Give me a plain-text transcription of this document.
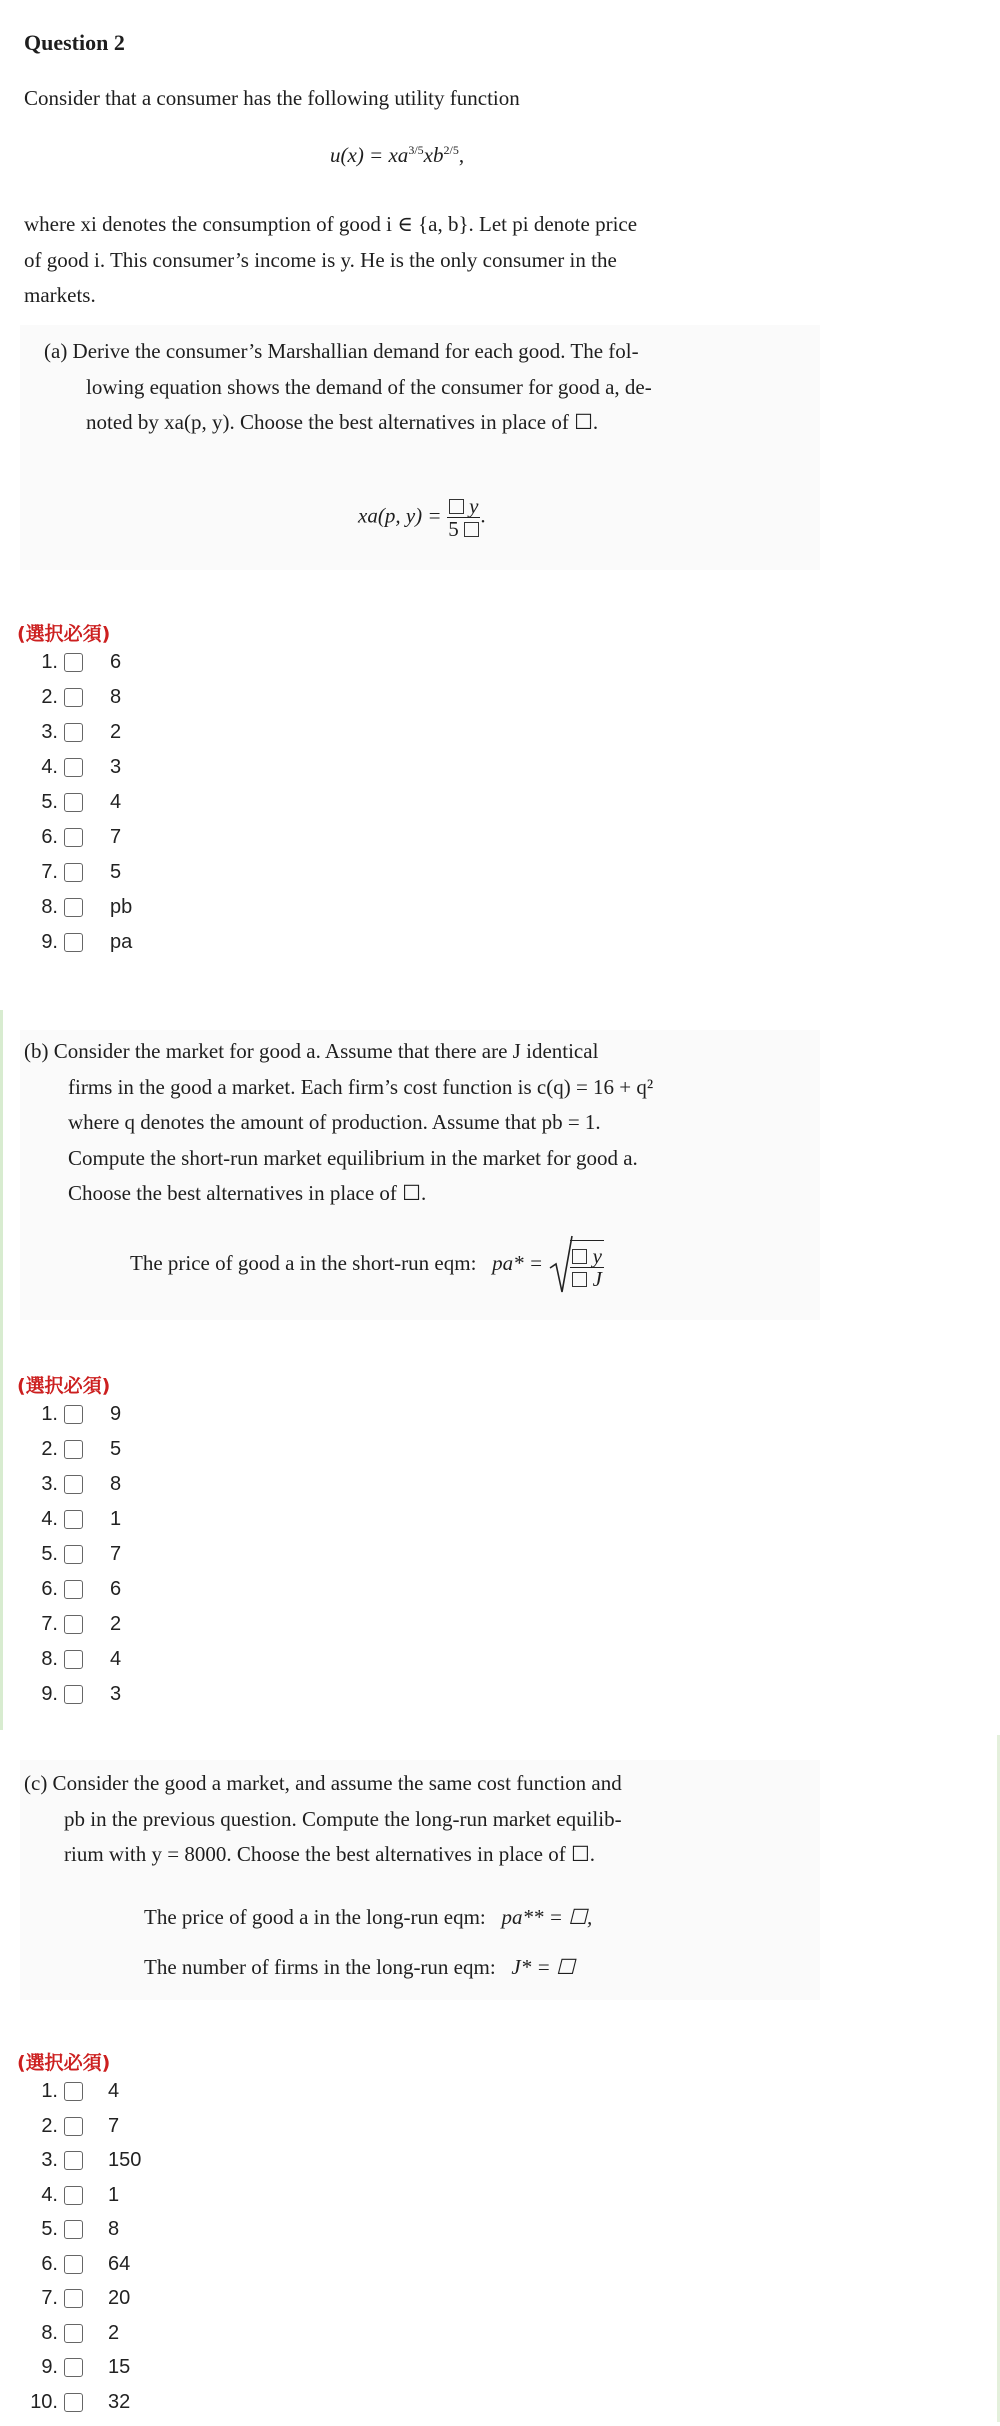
Question 2
Consider that a consumer has the following utility function
$u(x) = xa^{3/5}xb^{2/5}$,
where xi denotes the consumption of good i ∈ {a, b}. Let pi denote price
of good i. This consumer’s income is y. He is the only consumer in the
markets.
(a) Derive the consumer’s Marshallian demand for each good. The fol-
lowing equation shows the demand of the consumer for good a, de-
noted by xa(p, y). Choose the best alternatives in place of ☐.
xa(p, $y) = \frac{y}{5}$ .
(選択必須)
1.	6
2.	8
3.	2
4.	3
5.	4
6.	7
7.	5
8.	pb
9.	pa
(b) Consider the market for good a. Assume that there are J identical
firms in the good a market. Each firm’s cost function is c(q) = 16 + q²
where q denotes the amount of production. Assume that pb = 1.
Compute the short-run market equilibrium in the market for good a.
Choose the best alternatives in place of ☐.
The price of good a in the short-run eqm: $pa* = \frac{y}{J}$
(選択必須)
1.	9
2.	5
3.	8
4.	1
5.	7
6.	6
7.	2
8.	4
9.	3
(c) Consider the good a market, and assume the same cost function and
pb in the previous question. Compute the long-run market equilib-
rium with y = 8000. Choose the best alternatives in place of ☐.
The price of good a in the long-run eqm: pa** = ☐,
The number of firms in the long-run eqm: J* = ☐
(選択必須)
1.	4
2.	7
3.	150
4.	1
5.	8
6.	64
7.	20
8.	2
9.	15
10.	32
